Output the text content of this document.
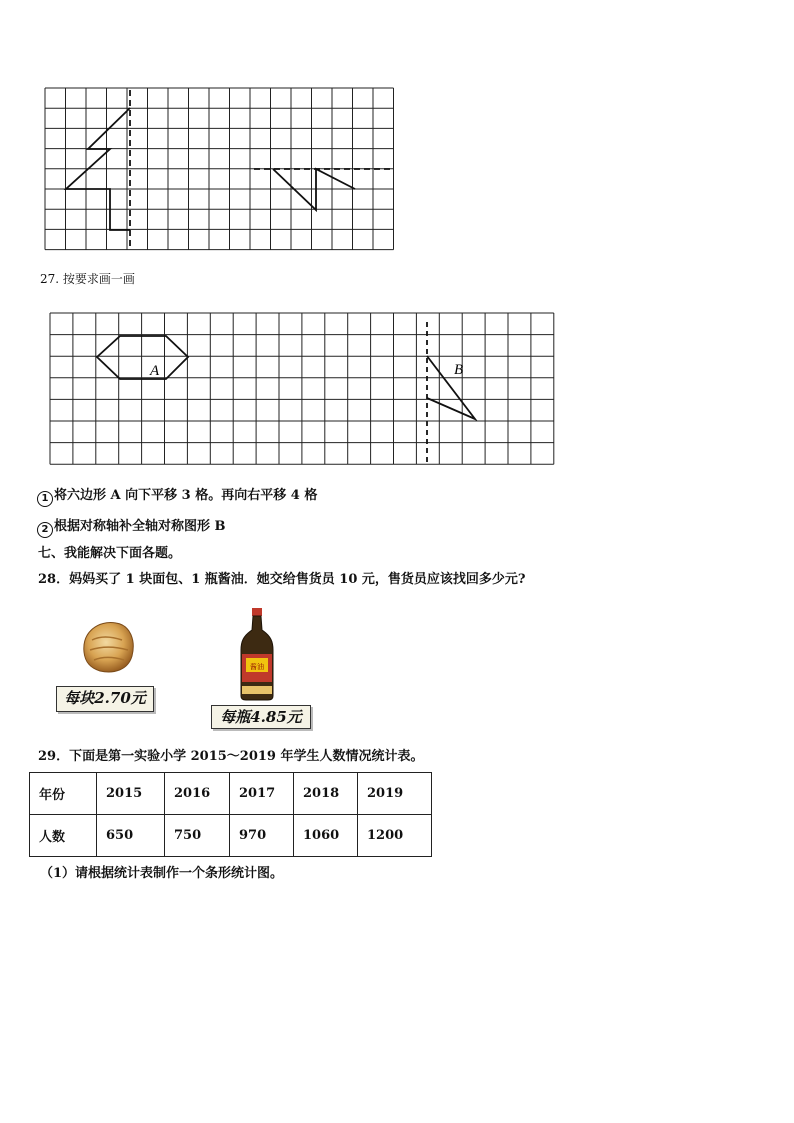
27. 按要求画一画
A	B
1 将六边形 A 向下平移 3 格。再向右平移 4 格
2 根据对称轴补全轴对称图形 B
七、我能解决下面各题。
28．妈妈买了 1 块面包、1 瓶酱油．她交给售货员 10 元，售货员应该找回多少元?
每块2.70元
酱油
每瓶4.85元
29．下面是第一实验小学 2015～2019 年学生人数情况统计表。
年份	2015	2016	2017	2018	2019
人数	650	750	970	1060	1200
（1）请根据统计表制作一个条形统计图。
